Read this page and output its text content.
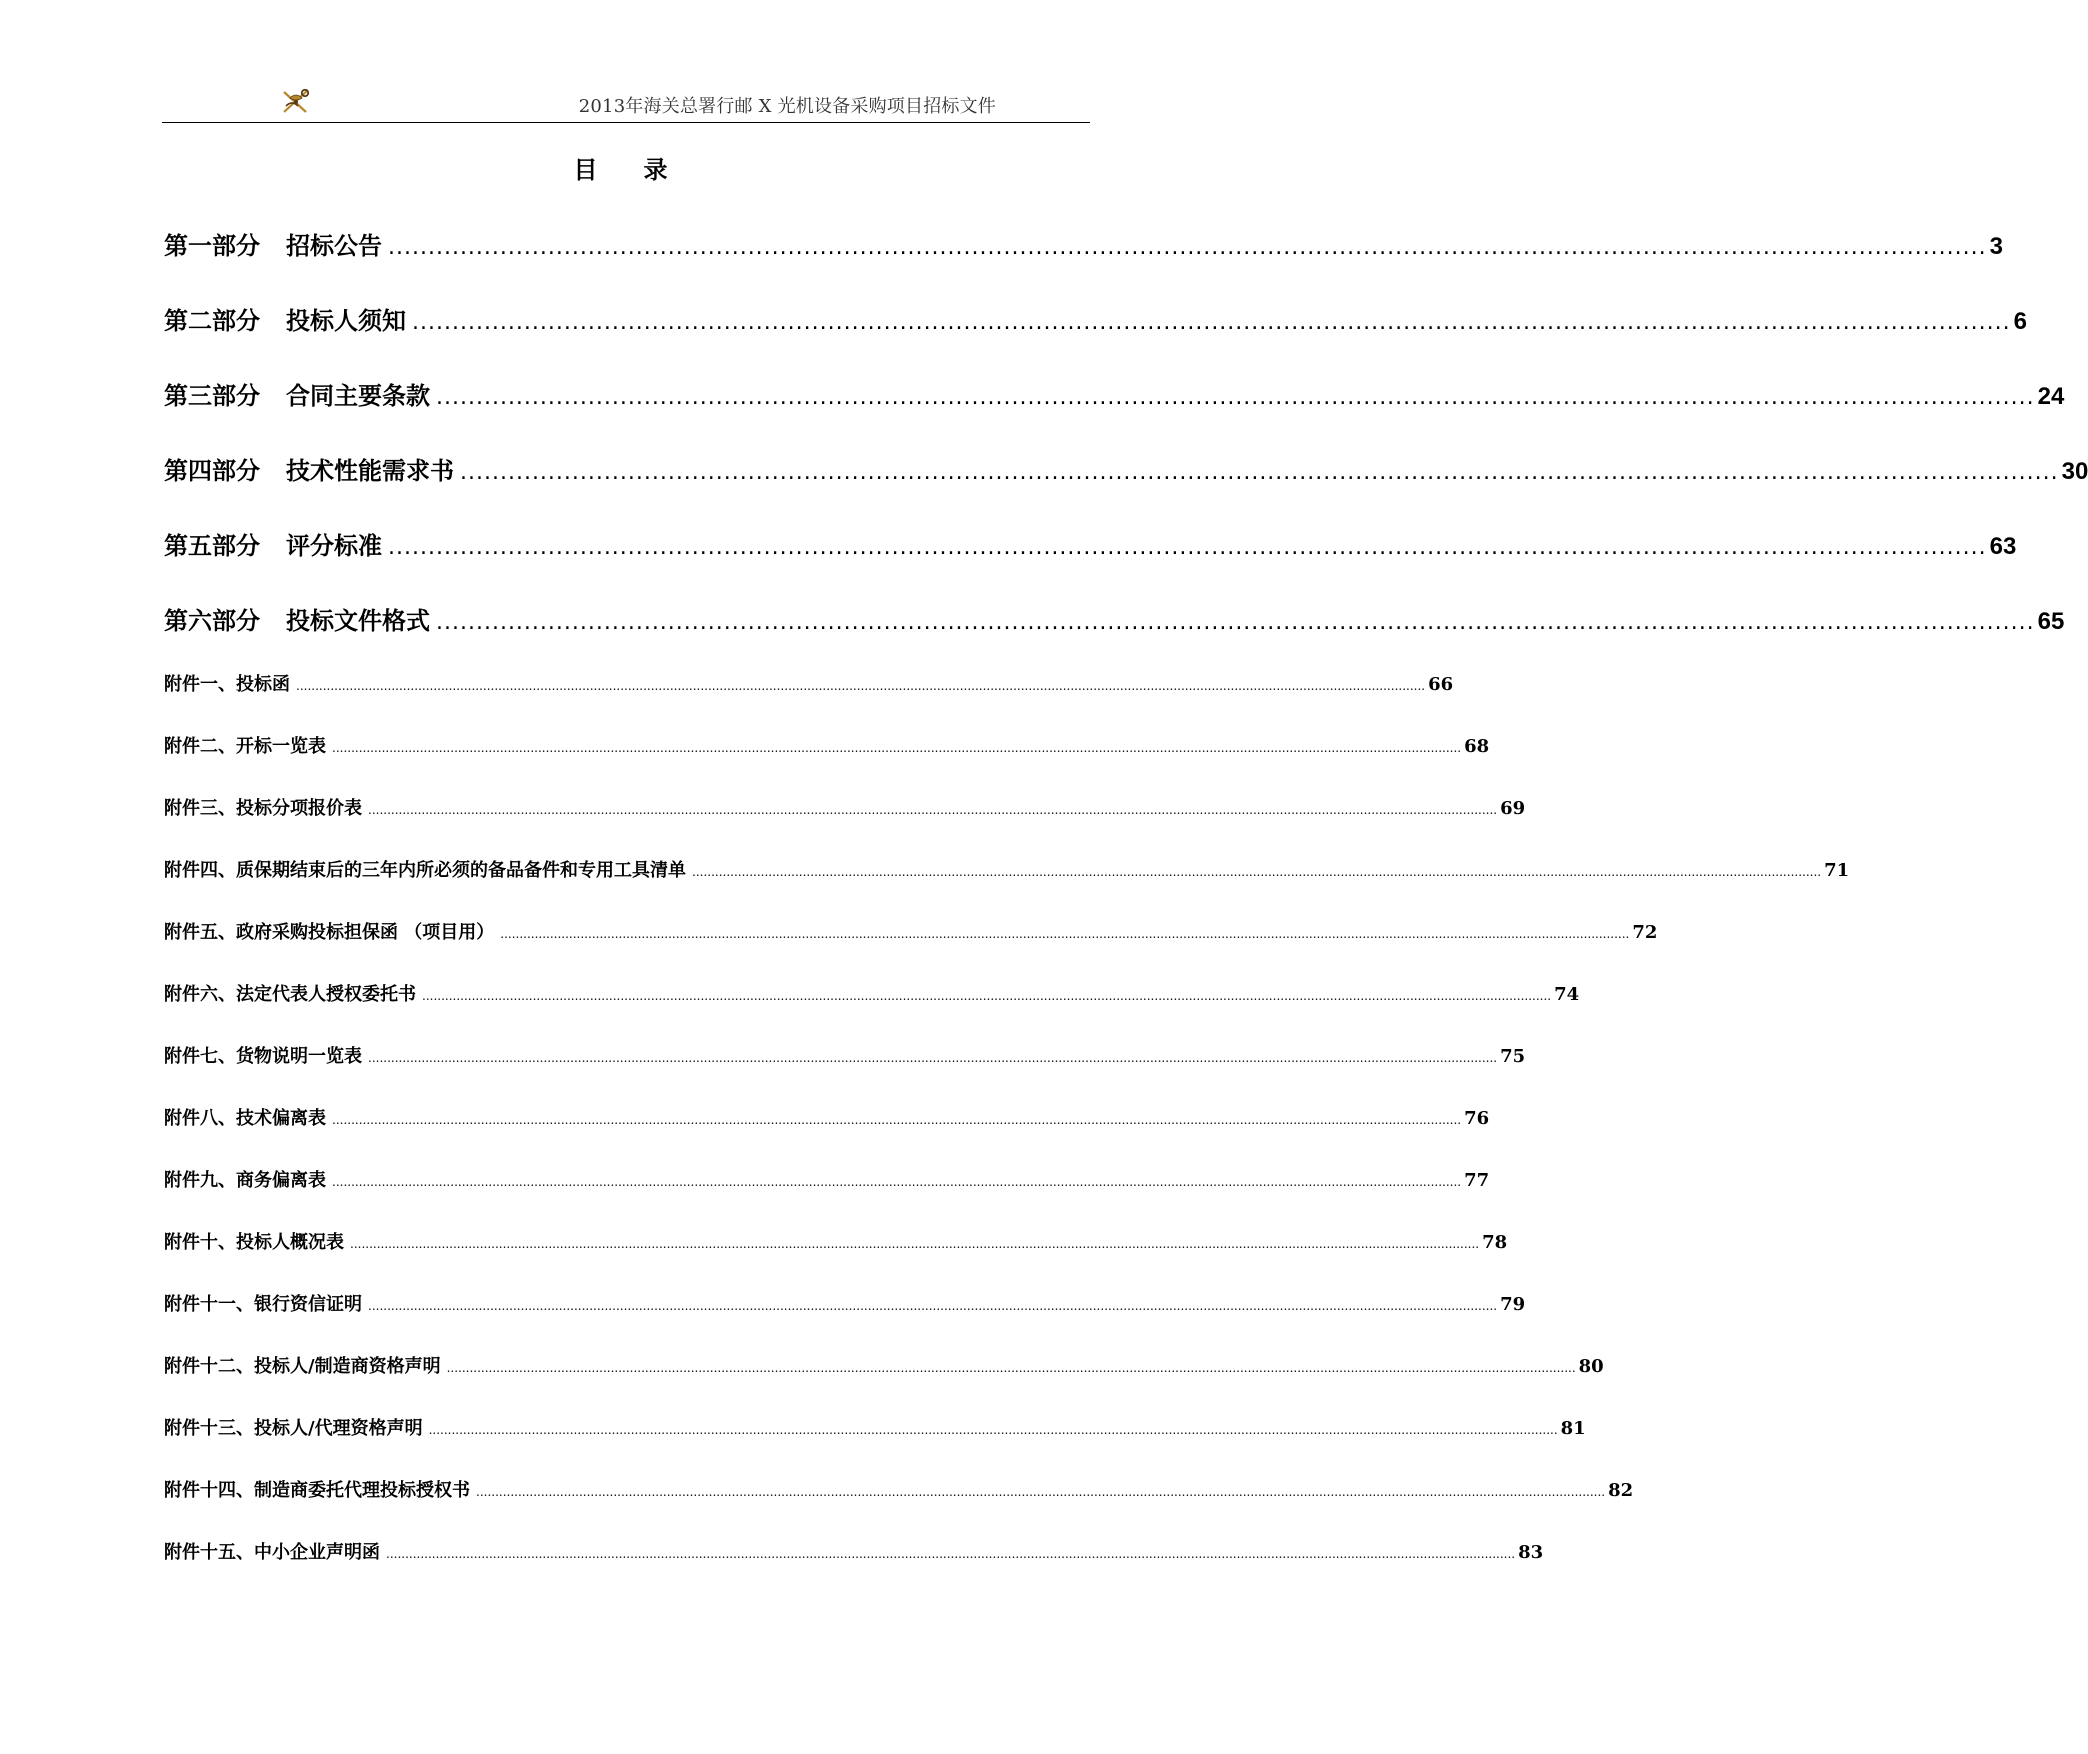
2013年海关总署行邮 X 光机设备采购项目招标文件
目 录
第一部分 招标公告 ........................................................................................................................................................................................................ 3
第二部分 投标人须知 ........................................................................................................................................................................................................ 6
第三部分 合同主要条款 ........................................................................................................................................................................................................ 24
第四部分 技术性能需求书 ........................................................................................................................................................................................................ 30
第五部分 评分标准 ........................................................................................................................................................................................................ 63
第六部分 投标文件格式 ........................................................................................................................................................................................................ 65
附件一、投标函 ........................................................................................................................................................................................................................................................................................................ 66
附件二、开标一览表 ........................................................................................................................................................................................................................................................................................................ 68
附件三、投标分项报价表 ........................................................................................................................................................................................................................................................................................................ 69
附件四、质保期结束后的三年内所必须的备品备件和专用工具清单 ........................................................................................................................................................................................................................................................................................................ 71
附件五、政府采购投标担保函 （项目用） ........................................................................................................................................................................................................................................................................................................ 72
附件六、法定代表人授权委托书 ........................................................................................................................................................................................................................................................................................................ 74
附件七、货物说明一览表 ........................................................................................................................................................................................................................................................................................................ 75
附件八、技术偏离表 ........................................................................................................................................................................................................................................................................................................ 76
附件九、商务偏离表 ........................................................................................................................................................................................................................................................................................................ 77
附件十、投标人概况表 ........................................................................................................................................................................................................................................................................................................ 78
附件十一、银行资信证明 ........................................................................................................................................................................................................................................................................................................ 79
附件十二、投标人/制造商资格声明 ........................................................................................................................................................................................................................................................................................................ 80
附件十三、投标人/代理资格声明 ........................................................................................................................................................................................................................................................................................................ 81
附件十四、制造商委托代理投标授权书 ........................................................................................................................................................................................................................................................................................................ 82
附件十五、中小企业声明函 ........................................................................................................................................................................................................................................................................................................ 83
